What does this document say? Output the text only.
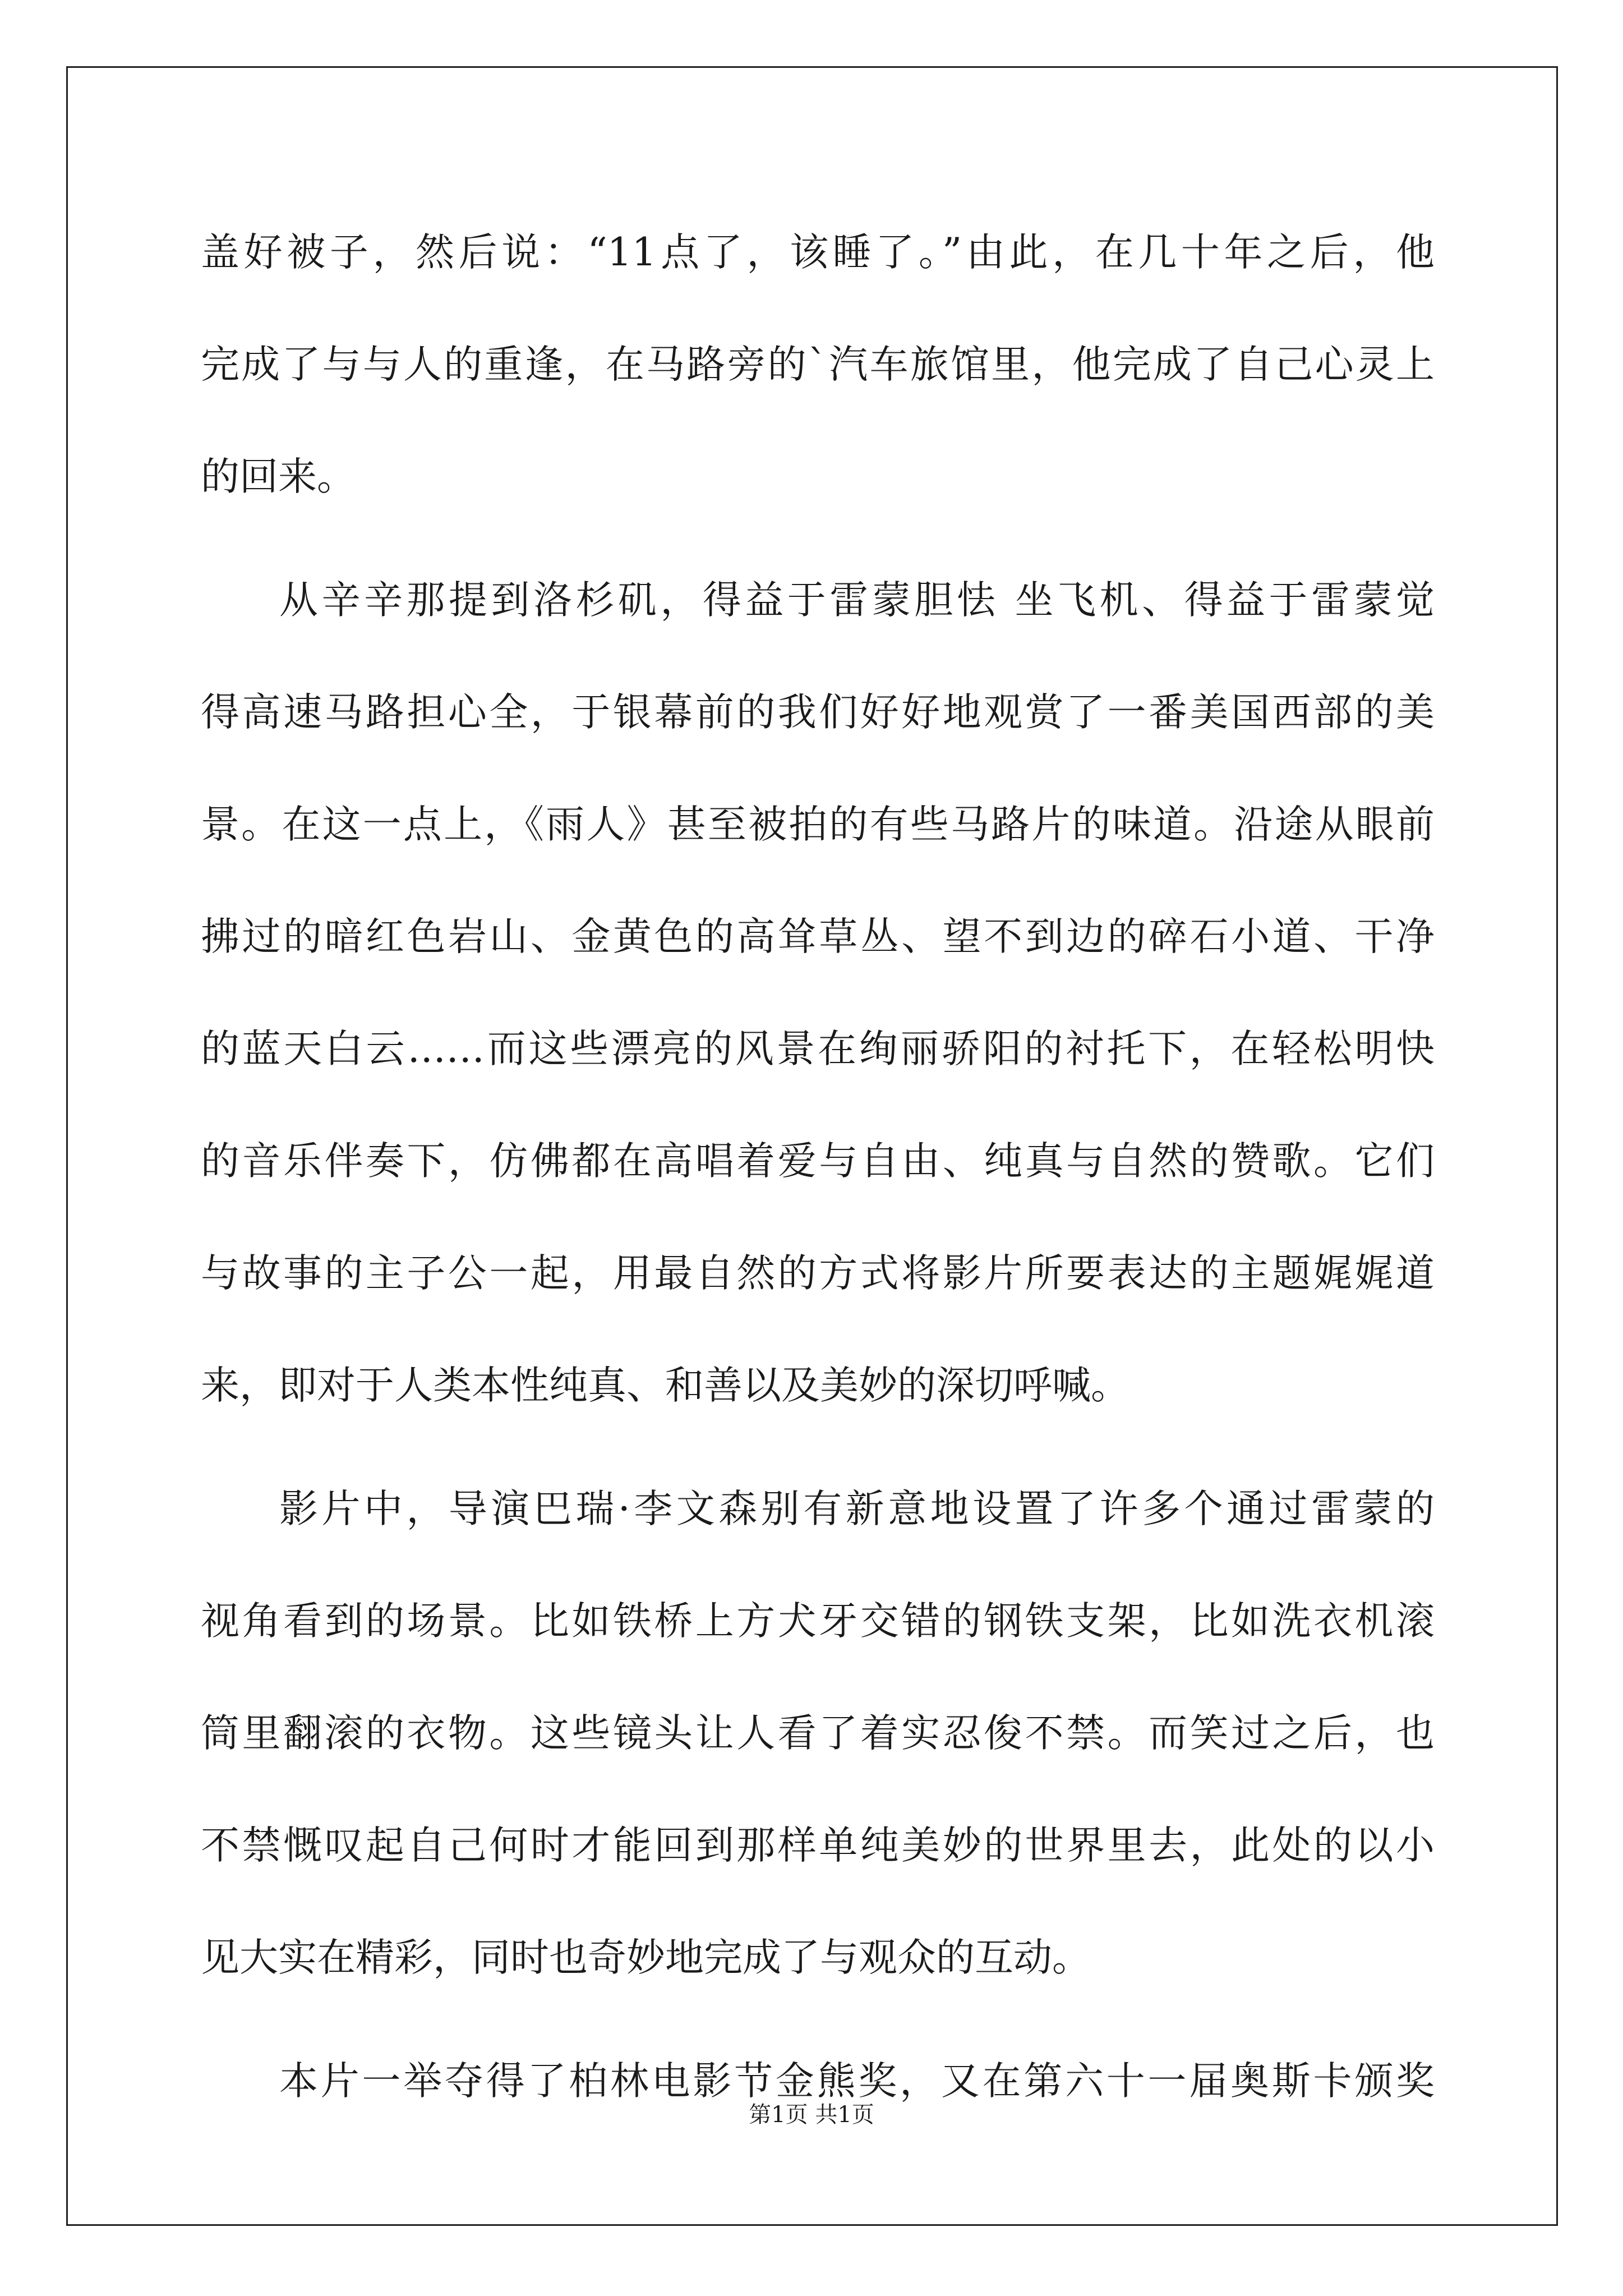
盖好被子，然后说：“11点了，该睡了。”由此，在几十年之后，他
完成了与与人的重逢，在马路旁的`汽车旅馆里，他完成了自己心灵上
的回来。
从辛辛那提到洛杉矶，得益于雷蒙胆怯 坐飞机、得益于雷蒙觉
得高速马路担心全，于银幕前的我们好好地观赏了一番美国西部的美
景。在这一点上，《雨人》甚至被拍的有些马路片的味道。沿途从眼前
拂过的暗红色岩山、金黄色的高耸草丛、望不到边的碎石小道、干净
的蓝天白云……而这些漂亮的风景在绚丽骄阳的衬托下，在轻松明快
的音乐伴奏下，仿佛都在高唱着爱与自由、纯真与自然的赞歌。它们
与故事的主子公一起，用最自然的方式将影片所要表达的主题娓娓道
来，即对于人类本性纯真、和善以及美妙的深切呼喊。
影片中，导演巴瑞·李文森别有新意地设置了许多个通过雷蒙的
视角看到的场景。比如铁桥上方犬牙交错的钢铁支架，比如洗衣机滚
筒里翻滚的衣物。这些镜头让人看了着实忍俊不禁。而笑过之后，也
不禁慨叹起自己何时才能回到那样单纯美妙的世界里去，此处的以小
见大实在精彩，同时也奇妙地完成了与观众的互动。
本片一举夺得了柏林电影节金熊奖，又在第六十一届奥斯卡颁奖
第1页 共1页
